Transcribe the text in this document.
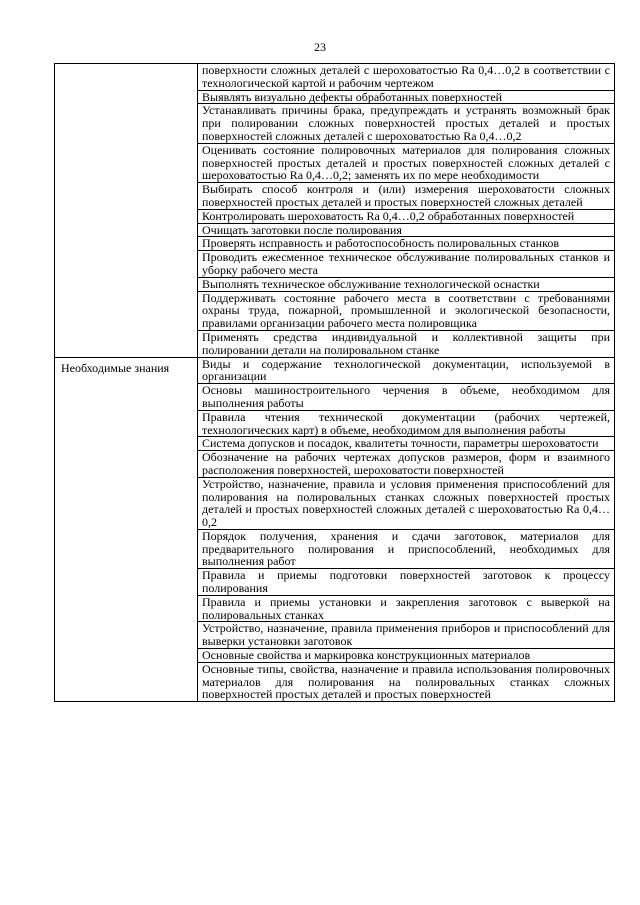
23
	поверхности сложных деталей с шероховатостью Ra 0,4…0,2 в соответствии с технологической картой и рабочим чертежом
	Выявлять визуально дефекты обработанных поверхностей
	Устанавливать причины брака, предупреждать и устранять возможный брак при полировании сложных поверхностей простых деталей и простых поверхностей сложных деталей с шероховатостью Ra 0,4…0,2
	Оценивать состояние полировочных материалов для полирования сложных поверхностей простых деталей и простых поверхностей сложных деталей с шероховатостью Ra 0,4…0,2; заменять их по мере необходимости
	Выбирать способ контроля и (или) измерения шероховатости сложных поверхностей простых деталей и простых поверхностей сложных деталей
	Контролировать шероховатость Ra 0,4…0,2 обработанных поверхностей
	Очищать заготовки после полирования
	Проверять исправность и работоспособность полировальных станков
	Проводить ежесменное техническое обслуживание полировальных станков и уборку рабочего места
	Выполнять техническое обслуживание технологической оснастки
	Поддерживать состояние рабочего места в соответствии с требованиями охраны труда, пожарной, промышленной и экологической безопасности, правилами организации рабочего места полировщика
	Применять средства индивидуальной и коллективной защиты при полировании детали на полировальном станке
Необходимые знания	Виды и содержание технологической документации, используемой в организации
	Основы машиностроительного черчения в объеме, необходимом для выполнения работы
	Правила чтения технической документации (рабочих чертежей, технологических карт) в объеме, необходимом для выполнения работы
	Система допусков и посадок, квалитеты точности, параметры шероховатости
	Обозначение на рабочих чертежах допусков размеров, форм и взаимного расположения поверхностей, шероховатости поверхностей
	Устройство, назначение, правила и условия применения приспособлений для полирования на полировальных станках сложных поверхностей простых деталей и простых поверхностей сложных деталей с шероховатостью Ra 0,4…0,2
	Порядок получения, хранения и сдачи заготовок, материалов для предварительного полирования и приспособлений, необходимых для выполнения работ
	Правила и приемы подготовки поверхностей заготовок к процессу полирования
	Правила и приемы установки и закрепления заготовок с выверкой на полировальных станках
	Устройство, назначение, правила применения приборов и приспособлений для выверки установки заготовок
	Основные свойства и маркировка конструкционных материалов
	Основные типы, свойства, назначение и правила использования полировочных материалов для полирования на полировальных станках сложных поверхностей простых деталей и простых поверхностей
